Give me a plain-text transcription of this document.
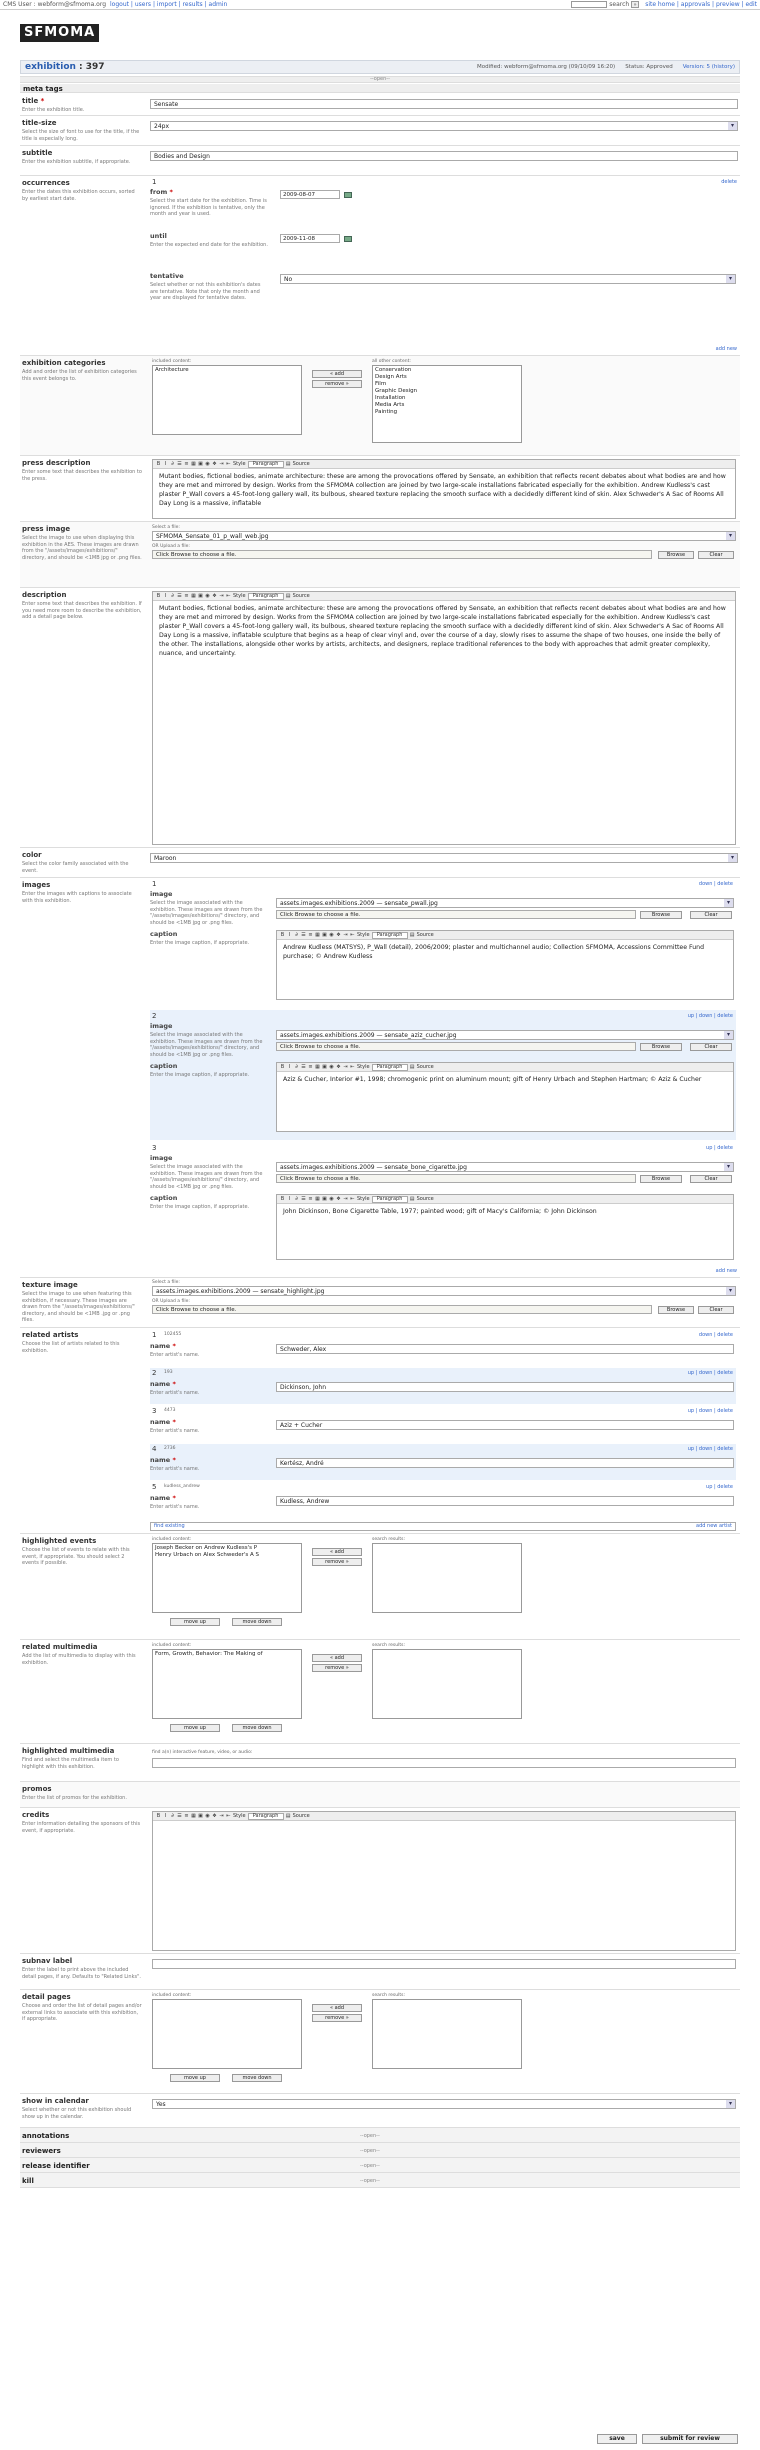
CMS User : webform@sfmoma.org logout | users | import | results | admin	search »	site home | approvals | preview | edit
SFMOMA
exhibition : 397	Modified: webform@sfmoma.org (09/10/09 16:20) Status: Approved Version: 5 (history)
--open--
meta tags
title *
Enter the exhibition title.
Sensate
title-size
Select the size of font to use for the title, if the title is especially long.
24px ▾
subtitle
Enter the exhibition subtitle, if appropriate.
Bodies and Design
occurrences
Enter the dates this exhibition occurs, sorted by earliest start date.
1	delete
from *
Select the start date for the exhibition. Time is ignored. If the exhibition is tentative, only the month and year is used.
2009-08-07
until
Enter the expected end date for the exhibition.
2009-11-08
tentative
Select whether or not this exhibition's dates are tentative. Note that only the month and year are displayed for tentative dates.
No ▾
add new
exhibition categories
Add and order the list of exhibition categories this event belongs to.
included content:
Architecture
« add
remove »
all other content:
Conservation
Design Arts
Film
Graphic Design
Installation
Media Arts
Painting
press description
Enter some text that describes the exhibition to the press.
B I ∂ ☰ ≡ ▦ ▣ ◉ ❖ ⇥ ⇤ Style	Paragraph	▤ Source
Mutant bodies, fictional bodies, animate architecture: these are among the provocations offered by Sensate, an exhibition that reflects recent debates about what bodies are and how they are met and mirrored by design. Works from the SFMOMA collection are joined by two large-scale installations fabricated especially for the exhibition. Andrew Kudless's cast plaster P_Wall covers a 45-foot-long gallery wall, its bulbous, sheared texture replacing the smooth surface with a decidedly different kind of skin. Alex Schweder's A Sac of Rooms All Day Long is a massive, inflatable
press image
Select the image to use when displaying this exhibition in the AES. These images are drawn from the "/assets/images/exhibitions/" directory, and should be <1MB jpg or .png files.
Select a file:
SFMOMA_Sensate_01_p_wall_web.jpg ▾
OR Upload a file:
Click Browse to choose a file.	Browse	Clear
description
Enter some text that describes the exhibition. If you need more room to describe the exhibition, add a detail page below.
B I ∂ ☰ ≡ ▦ ▣ ◉ ❖ ⇥ ⇤ Style	Paragraph	▤ Source
Mutant bodies, fictional bodies, animate architecture: these are among the provocations offered by Sensate, an exhibition that reflects recent debates about what bodies are and how they are met and mirrored by design. Works from the SFMOMA collection are joined by two large-scale installations fabricated especially for the exhibition. Andrew Kudless's cast plaster P_Wall covers a 45-foot-long gallery wall, its bulbous, sheared texture replacing the smooth surface with a decidedly different kind of skin. Alex Schweder's A Sac of Rooms All Day Long is a massive, inflatable sculpture that begins as a heap of clear vinyl and, over the course of a day, slowly rises to assume the shape of two houses, one inside the belly of the other. The installations, alongside other works by artists, architects, and designers, replace traditional references to the body with approaches that admit greater complexity, nuance, and uncertainty.
color
Select the color family associated with the event.
Maroon ▾
images
Enter the images with captions to associate with this exhibition.
1	down | delete
image
Select the image associated with the exhibition. These images are drawn from the "/assets/images/exhibitions/" directory, and should be <1MB jpg or .png files.
assets.images.exhibitions.2009 — sensate_pwall.jpg ▾
Click Browse to choose a file.	Browse	Clear
caption
Enter the image caption, if appropriate.
B I ∂ ☰ ≡ ▦ ▣ ◉ ❖ ⇥ ⇤ Style	Paragraph	▤ Source
Andrew Kudless (MATSYS), P_Wall (detail), 2006/2009; plaster and multichannel audio; Collection SFMOMA, Accessions Committee Fund purchase; © Andrew Kudless
2	up | down | delete
image
Select the image associated with the exhibition. These images are drawn from the "/assets/images/exhibitions/" directory, and should be <1MB jpg or .png files.
assets.images.exhibitions.2009 — sensate_aziz_cucher.jpg ▾
Click Browse to choose a file.	Browse	Clear
caption
Enter the image caption, if appropriate.
B I ∂ ☰ ≡ ▦ ▣ ◉ ❖ ⇥ ⇤ Style	Paragraph	▤ Source
Aziz & Cucher, Interior #1, 1998; chromogenic print on aluminum mount; gift of Henry Urbach and Stephen Hartman; © Aziz & Cucher
3	up | delete
image
Select the image associated with the exhibition. These images are drawn from the "/assets/images/exhibitions/" directory, and should be <1MB jpg or .png files.
assets.images.exhibitions.2009 — sensate_bone_cigarette.jpg ▾
Click Browse to choose a file.	Browse	Clear
caption
Enter the image caption, if appropriate.
B I ∂ ☰ ≡ ▦ ▣ ◉ ❖ ⇥ ⇤ Style	Paragraph	▤ Source
John Dickinson, Bone Cigarette Table, 1977; painted wood; gift of Macy's California; © John Dickinson
add new
texture image
Select the image to use when featuring this exhibition, if necessary. These images are drawn from the "/assets/images/exhibitions/" directory, and should be <1MB .jpg or .png files.
Select a file:
assets.images.exhibitions.2009 — sensate_highlight.jpg ▾
OR Upload a file:
Click Browse to choose a file.	Browse	Clear
related artists
Choose the list of artists related to this exhibition.
1 102455	down | delete
name *
Enter artist's name.
Schweder, Alex
2 193	up | down | delete
name *
Enter artist's name.
Dickinson, John
3 4473	up | down | delete
name *
Enter artist's name.
Aziz + Cucher
4 2736	up | down | delete
name *
Enter artist's name.
Kertész, André
5 kudless_andrew	up | delete
name *
Enter artist's name.
Kudless, Andrew
find existing	add new artist
highlighted events
Choose the list of events to relate with this event, if appropriate. You should select 2 events if possible.
included content:
Joseph Becker on Andrew Kudless's P
Henry Urbach on Alex Schweder's A S	« add
remove »
search results:
move up	move down
related multimedia
Add the list of multimedia to display with this exhibition.
included content:
Form, Growth, Behavior: The Making of
« add
remove »
search results:
move up	move down
highlighted multimedia
Find and select the multimedia item to highlight with this exhibition.
find a(n) interactive feature, video, or audio:
promos
Enter the list of promos for the exhibition.
credits
Enter information detailing the sponsors of this event, if appropriate.
B I ∂ ☰ ≡ ▦ ▣ ◉ ❖ ⇥ ⇤ Style	Paragraph	▤ Source
subnav label
Enter the label to print above the included detail pages, if any. Defaults to "Related Links".
detail pages
Choose and order the list of detail pages and/or external links to associate with this exhibition, if appropriate.
included content:
« add
remove »
search results:
move up	move down
show in calendar
Select whether or not this exhibition should show up in the calendar.
Yes ▾
annotations	--open--
reviewers	--open--
release identifier	--open--
kill	--open--
save	submit for review
